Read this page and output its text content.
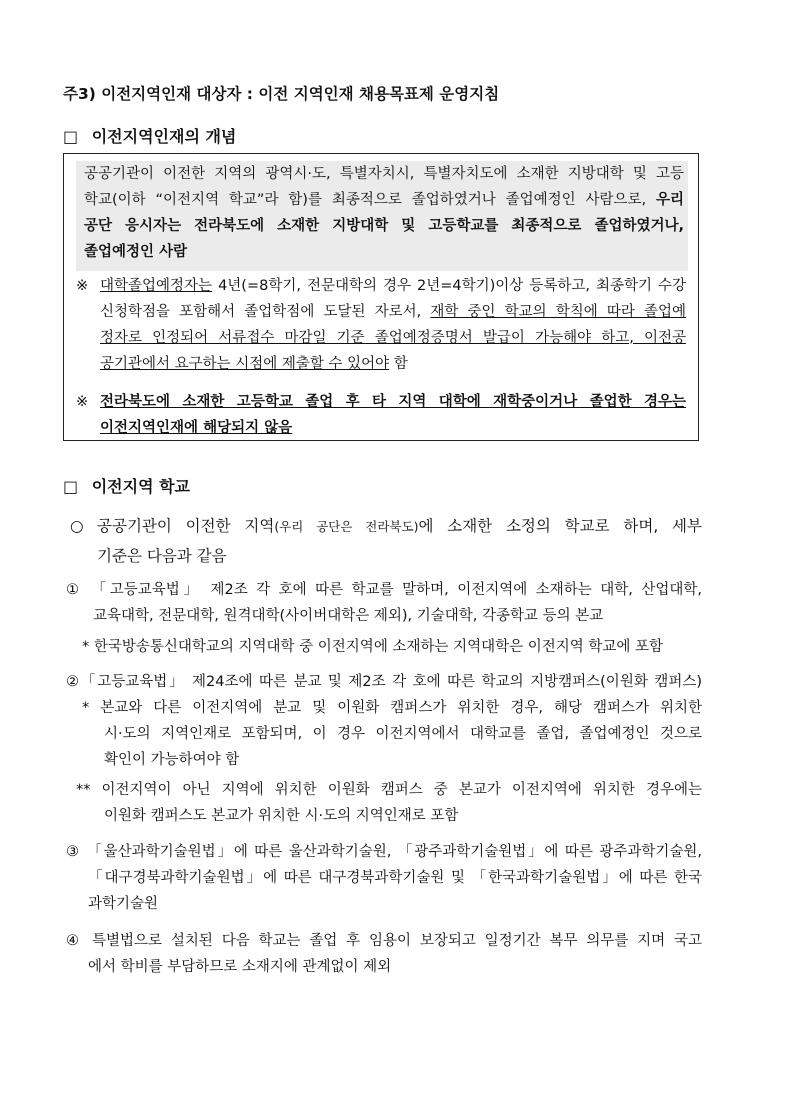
주3) 이전지역인재 대상자 : 이전 지역인재 채용목표제 운영지침
□ 이전지역인재의 개념
공공기관이 이전한 지역의 광역시·도, 특별자치시, 특별자치도에 소재한 지방대학 및 고등
학교(이하 “이전지역 학교”라 함)를 최종적으로 졸업하였거나 졸업예정인 사람으로, 우리
공단 응시자는 전라북도에 소재한 지방대학 및 고등학교를 최종적으로 졸업하였거나,
졸업예정인 사람
※ 대학졸업예정자는 4년(=8학기, 전문대학의 경우 2년=4학기)이상 등록하고, 최종학기 수강
신청학점을 포함해서 졸업학점에 도달된 자로서, 재학 중인 학교의 학칙에 따라 졸업예
정자로 인정되어 서류접수 마감일 기준 졸업예정증명서 발급이 가능해야 하고, 이전공
공기관에서 요구하는 시점에 제출할 수 있어야 함
※ 전라북도에 소재한 고등학교 졸업 후 타 지역 대학에 재학중이거나 졸업한 경우는
이전지역인재에 해당되지 않음
□ 이전지역 학교
○ 공공기관이 이전한 지역(우리 공단은 전라북도)에 소재한 소정의 학교로 하며, 세부
기준은 다음과 같음
① 「고등교육법」 제2조 각 호에 따른 학교를 말하며, 이전지역에 소재하는 대학, 산업대학,
교육대학, 전문대학, 원격대학(사이버대학은 제외), 기술대학, 각종학교 등의 본교
* 한국방송통신대학교의 지역대학 중 이전지역에 소재하는 지역대학은 이전지역 학교에 포함
②「고등교육법」 제24조에 따른 분교 및 제2조 각 호에 따른 학교의 지방캠퍼스(이원화 캠퍼스)
* 본교와 다른 이전지역에 분교 및 이원화 캠퍼스가 위치한 경우, 해당 캠퍼스가 위치한
시·도의 지역인재로 포함되며, 이 경우 이전지역에서 대학교를 졸업, 졸업예정인 것으로
확인이 가능하여야 함
** 이전지역이 아닌 지역에 위치한 이원화 캠퍼스 중 본교가 이전지역에 위치한 경우에는
이원화 캠퍼스도 본교가 위치한 시·도의 지역인재로 포함
③ 「울산과학기술원법」에 따른 울산과학기술원, 「광주과학기술원법」에 따른 광주과학기술원,
「대구경북과학기술원법」에 따른 대구경북과학기술원 및 「한국과학기술원법」에 따른 한국
과학기술원
④ 특별법으로 설치된 다음 학교는 졸업 후 임용이 보장되고 일정기간 복무 의무를 지며 국고
에서 학비를 부담하므로 소재지에 관계없이 제외
